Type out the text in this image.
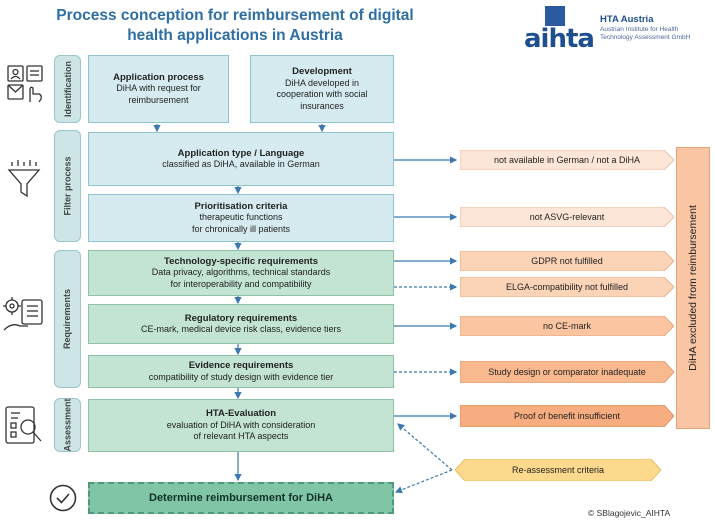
Process conception for reimbursement of digital health applications in Austria	aihta
HTA Austria
Austrian Institute for Health Technology Assessment GmbH
Identification
Filter process
Requirements
Assessment
Application process
DiHA with request for reimbursement
Development
DiHA developed in cooperation with social insurances
Application type / Language
classified as DiHA, available in German
Prioritisation criteria
therapeutic functions
for chronically ill patients
Technology-specific requirements
Data privacy, algorithms, technical standards
for interoperability and compatibility
Regulatory requirements
CE-mark, medical device risk class, evidence tiers
Evidence requirements
compatibility of study design with evidence tier
HTA-Evaluation
evaluation of DiHA with consideration
of relevant HTA aspects
Determine reimbursement for DiHA
not available in German / not a DiHA
not ASVG-relevant
GDPR not fulfilled
ELGA-compatibility not fulfilled
no CE-mark
Study design or comparator inadequate
Proof of benefit insufficient
Re-assessment criteria
DiHA excluded from reimbursement
© SBlagojevic_AIHTA
